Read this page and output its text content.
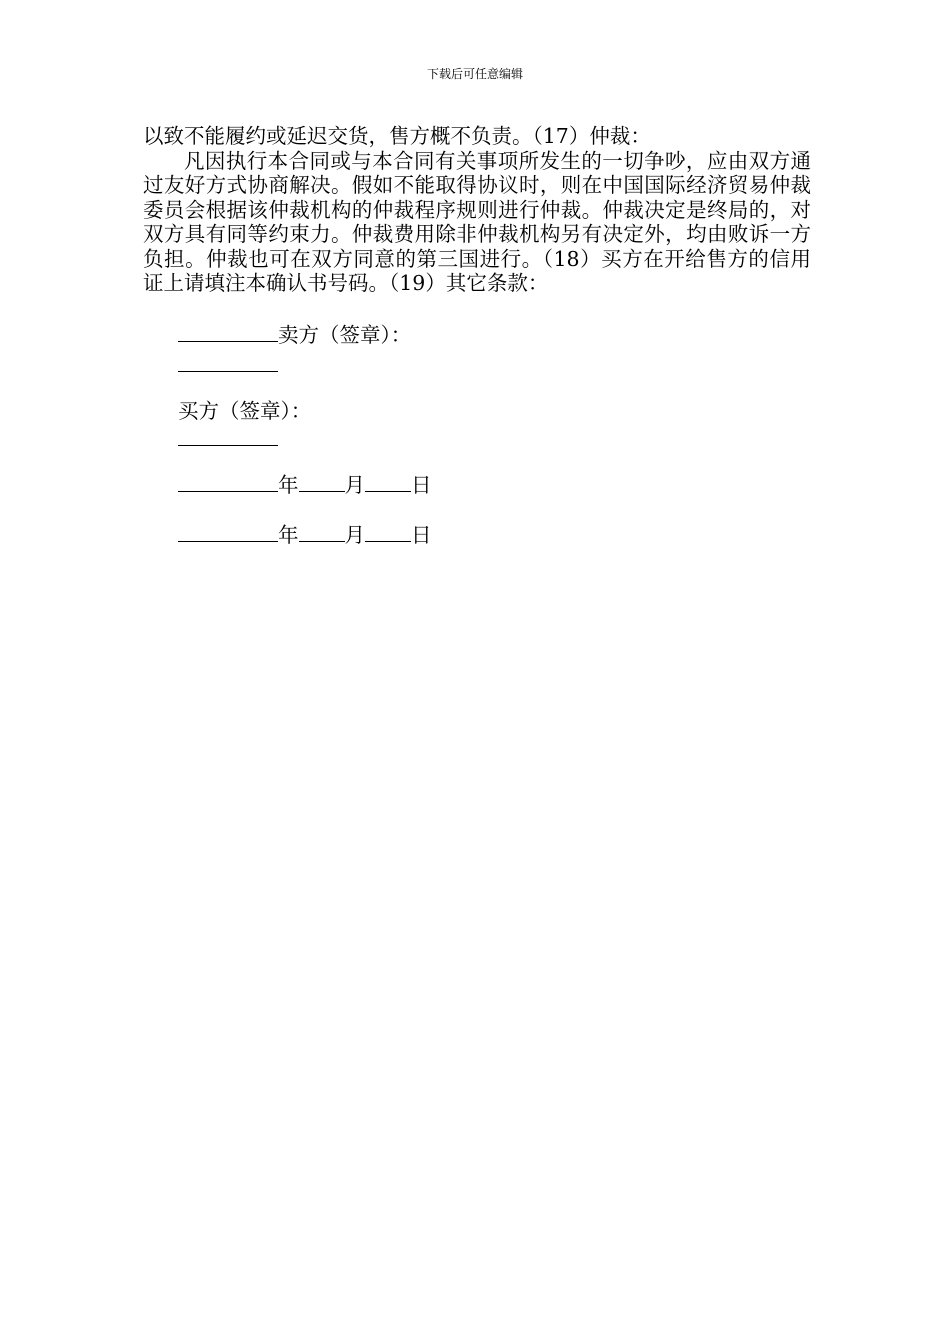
下载后可任意编辑

以致不能履约或延迟交货，售方概不负责。（17）仲裁：

凡因执行本合同或与本合同有关事项所发生的一切争吵，应由双方通过友好方式协商解决。假如不能取得协议时，则在中国国际经济贸易仲裁委员会根据该仲裁机构的仲裁程序规则进行仲裁。仲裁决定是终局的，对双方具有同等约束力。仲裁费用除非仲裁机构另有决定外，均由败诉一方负担。仲裁也可在双方同意的第三国进行。（18）买方在开给售方的信用证上请填注本确认书号码。（19）其它条款：

卖方（签章）：
买方（签章）：
年 月 日
年 月 日
